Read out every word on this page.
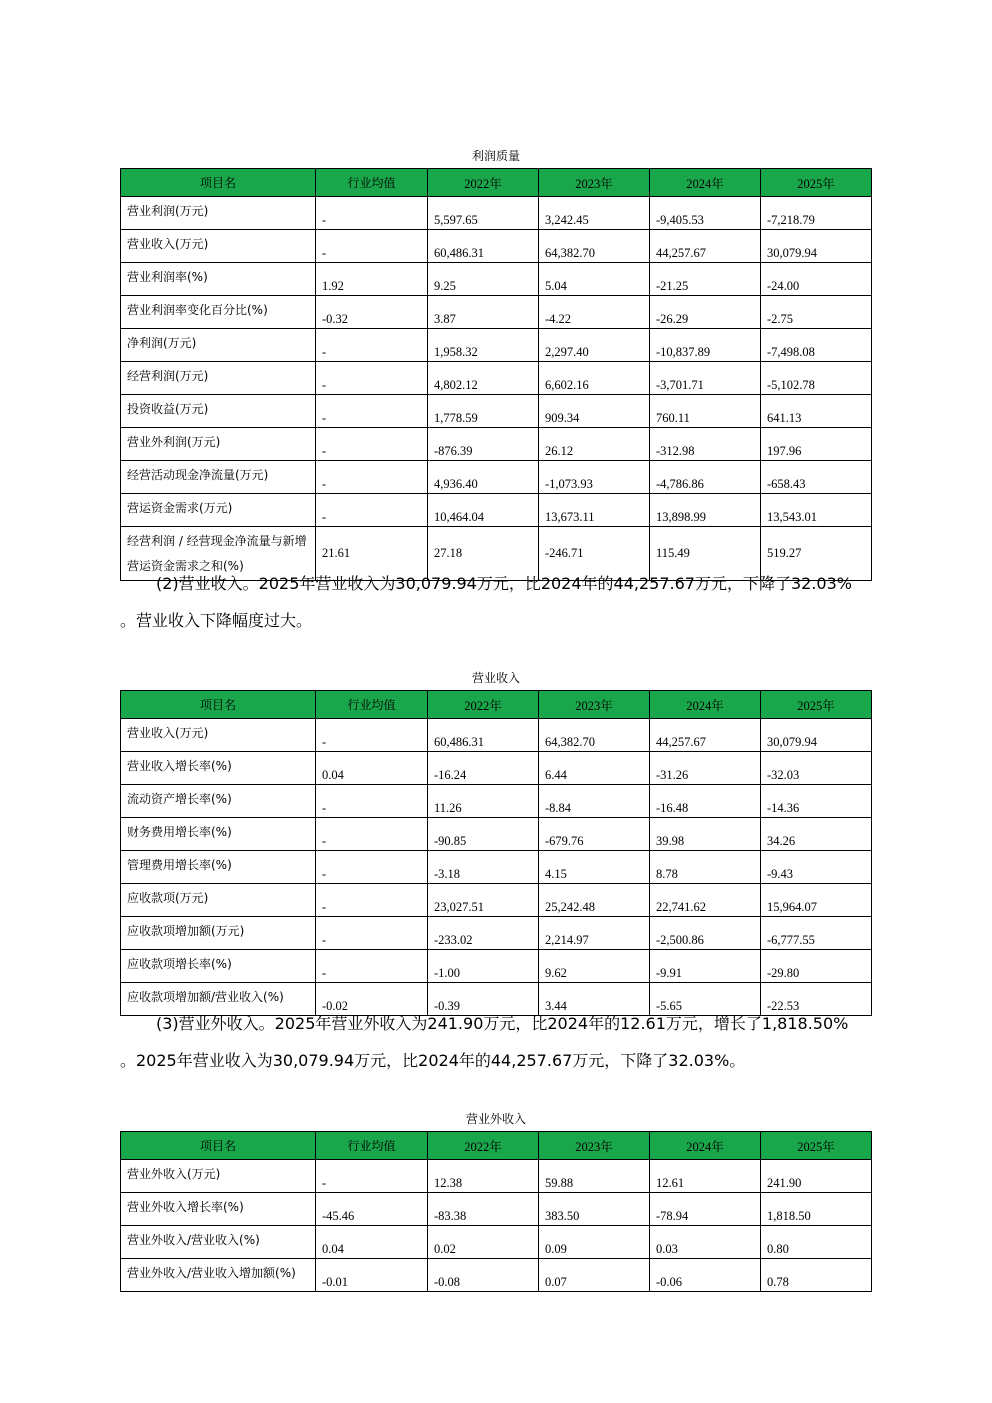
利润质量
项目名	行业均值	2022年	2023年	2024年	2025年
营业利润(万元)	-	5,597.65	3,242.45	-9,405.53	-7,218.79
营业收入(万元)	-	60,486.31	64,382.70	44,257.67	30,079.94
营业利润率(%)	1.92	9.25	5.04	-21.25	-24.00
营业利润率变化百分比(%)	-0.32	3.87	-4.22	-26.29	-2.75
净利润(万元)	-	1,958.32	2,297.40	-10,837.89	-7,498.08
经营利润(万元)	-	4,802.12	6,602.16	-3,701.71	-5,102.78
投资收益(万元)	-	1,778.59	909.34	760.11	641.13
营业外利润(万元)	-	-876.39	26.12	-312.98	197.96
经营活动现金净流量(万元)	-	4,936.40	-1,073.93	-4,786.86	-658.43
营运资金需求(万元)	-	10,464.04	13,673.11	13,898.99	13,543.01
经营利润 / 经营现金净流量与新增营运资金需求之和(%)	21.61	27.18	-246.71	115.49	519.27
(2)营业收入。2025年营业收入为30,079.94万元，比2024年的44,257.67万元，下降了32.03%
。营业收入下降幅度过大。
营业收入
项目名	行业均值	2022年	2023年	2024年	2025年
营业收入(万元)	-	60,486.31	64,382.70	44,257.67	30,079.94
营业收入增长率(%)	0.04	-16.24	6.44	-31.26	-32.03
流动资产增长率(%)	-	11.26	-8.84	-16.48	-14.36
财务费用增长率(%)	-	-90.85	-679.76	39.98	34.26
管理费用增长率(%)	-	-3.18	4.15	8.78	-9.43
应收款项(万元)	-	23,027.51	25,242.48	22,741.62	15,964.07
应收款项增加额(万元)	-	-233.02	2,214.97	-2,500.86	-6,777.55
应收款项增长率(%)	-	-1.00	9.62	-9.91	-29.80
应收款项增加额/营业收入(%)	-0.02	-0.39	3.44	-5.65	-22.53
(3)营业外收入。2025年营业外收入为241.90万元，比2024年的12.61万元，增长了1,818.50%
。2025年营业收入为30,079.94万元，比2024年的44,257.67万元，下降了32.03%。
营业外收入
项目名	行业均值	2022年	2023年	2024年	2025年
营业外收入(万元)	-	12.38	59.88	12.61	241.90
营业外收入增长率(%)	-45.46	-83.38	383.50	-78.94	1,818.50
营业外收入/营业收入(%)	0.04	0.02	0.09	0.03	0.80
营业外收入/营业收入增加额(%)	-0.01	-0.08	0.07	-0.06	0.78
